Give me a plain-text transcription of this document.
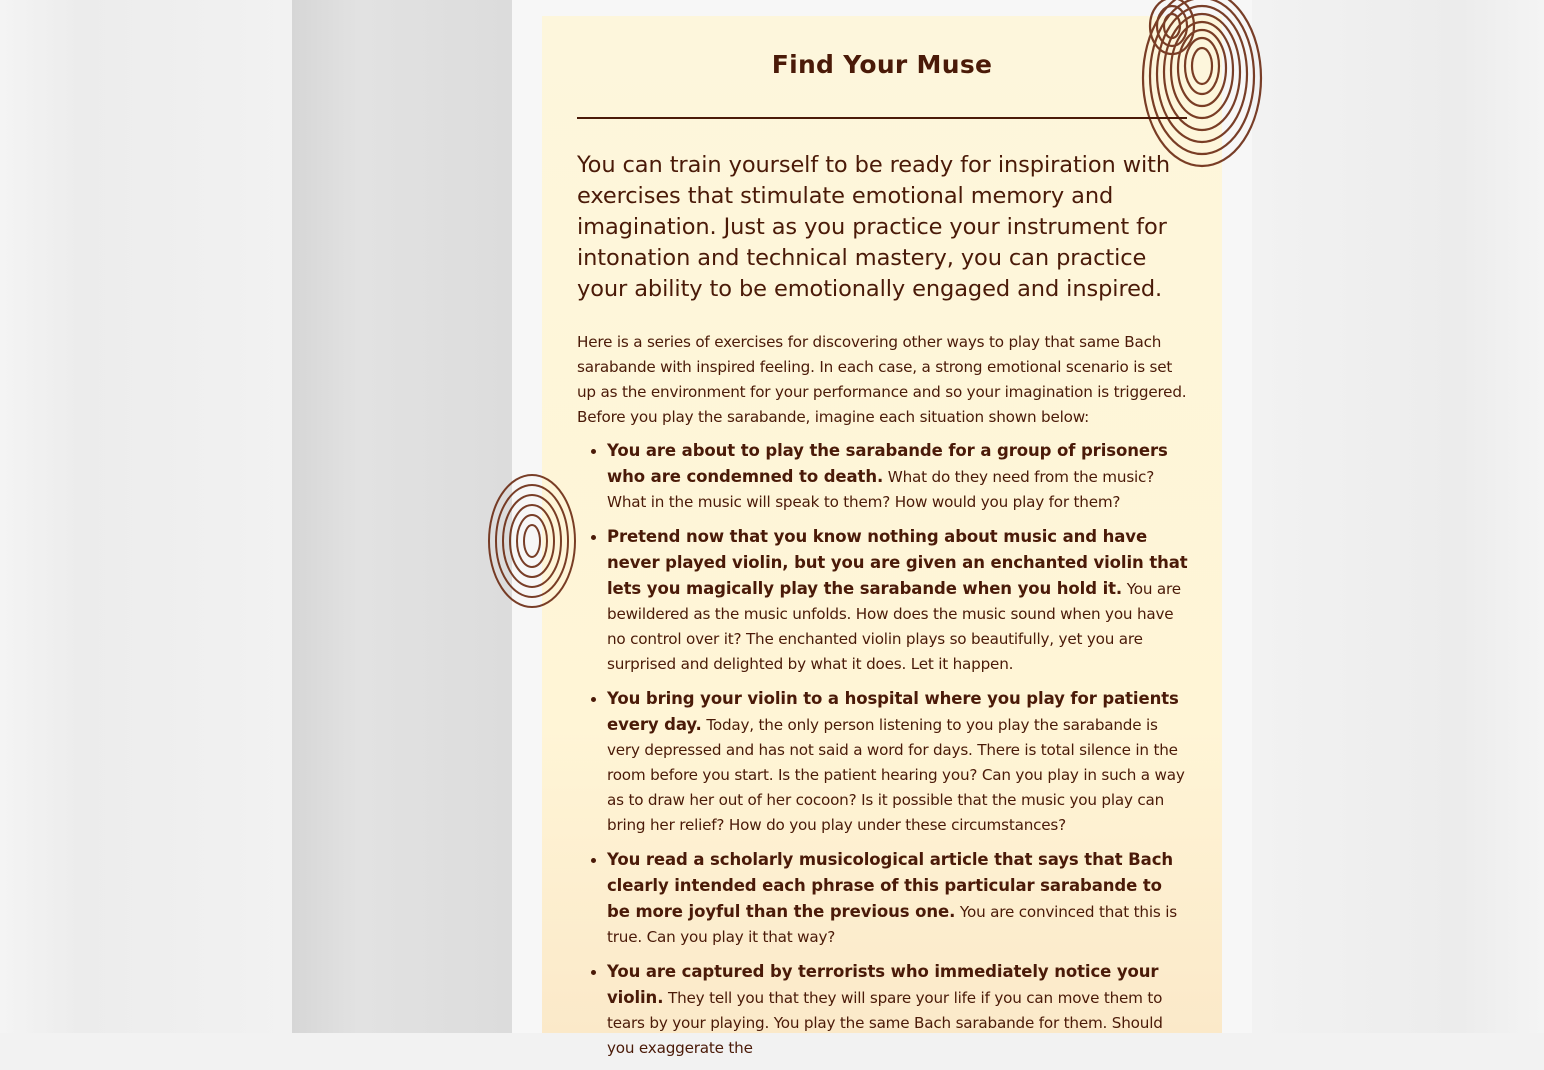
Find Your Muse
You can train yourself to be ready for inspiration with exercises that stimulate emotional memory and imagination. Just as you practice your instrument for intonation and technical mastery, you can practice your ability to be emotionally engaged and inspired.
Here is a series of exercises for discovering other ways to play that same Bach sarabande with inspired feeling. In each case, a strong emotional scenario is set up as the environment for your performance and so your imagination is triggered. Before you play the sarabande, imagine each situation shown below:
• You are about to play the sarabande for a group of prisoners who are condemned to death. What do they need from the music? What in the music will speak to them? How would you play for them?
• Pretend now that you know nothing about music and have never played violin, but you are given an enchanted violin that lets you magically play the sarabande when you hold it. You are bewildered as the music unfolds. How does the music sound when you have no control over it? The enchanted violin plays so beautifully, yet you are surprised and delighted by what it does. Let it happen.
• You bring your violin to a hospital where you play for patients every day. Today, the only person listening to you play the sarabande is very depressed and has not said a word for days. There is total silence in the room before you start. Is the patient hearing you? Can you play in such a way as to draw her out of her cocoon? Is it possible that the music you play can bring her relief? How do you play under these circumstances?
• You read a scholarly musicological article that says that Bach clearly intended each phrase of this particular sarabande to be more joyful than the previous one. You are convinced that this is true. Can you play it that way?
• You are captured by terrorists who immediately notice your violin. They tell you that they will spare your life if you can move them to tears by your playing. You play the same Bach sarabande for them. Should you exaggerate the
